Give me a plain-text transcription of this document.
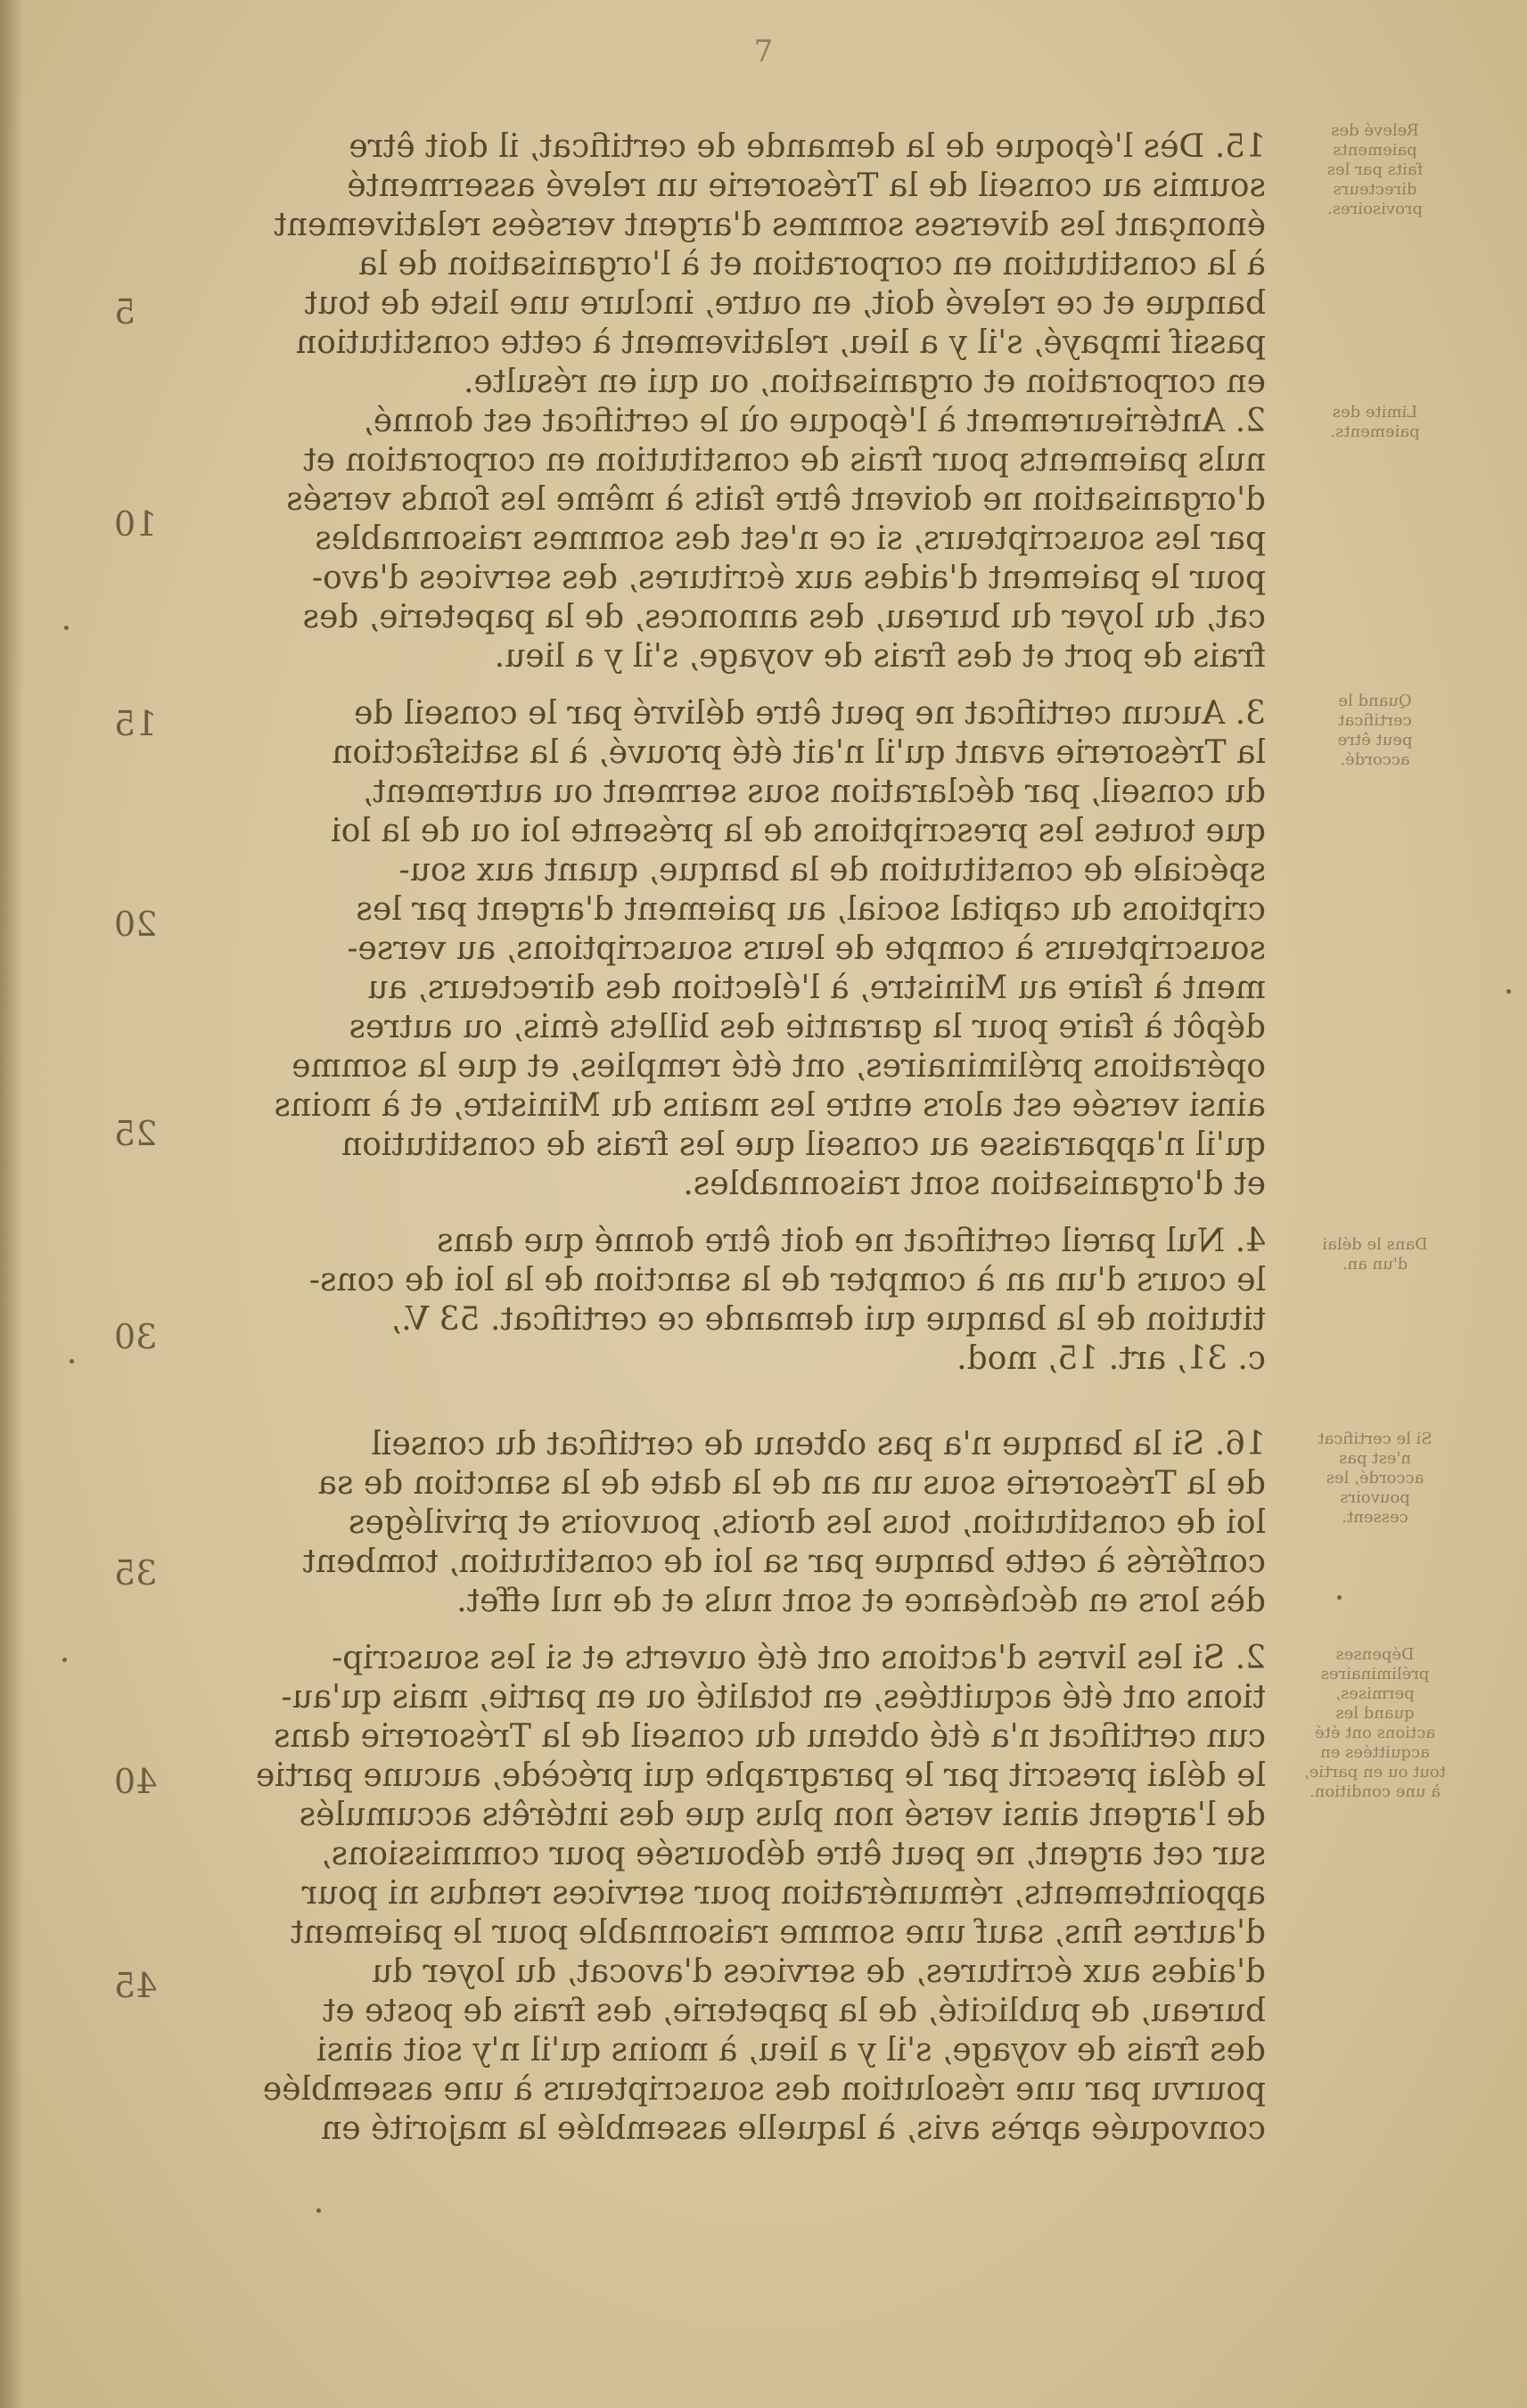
7
15. Dès l'époque de la demande de certificat, il doit être
soumis au conseil de la Trésorerie un relevé assermenté
énonçant les diverses sommes d'argent versées relativement
à la constitution en corporation et à l'organisation de la
banque et ce relevé doit, en outre, inclure une liste de tout
passif impayé, s'il y a lieu, relativement à cette constitution
en corporation et organisation, ou qui en résulte.
2. Antérieurement à l'époque où le certificat est donné,
nuls paiements pour frais de constitution en corporation et
d'organisation ne doivent être faits à même les fonds versés
par les souscripteurs, si ce n'est des sommes raisonnables
pour le paiement d'aides aux écritures, des services d'avo-
cat, du loyer du bureau, des annonces, de la papeterie, des
frais de port et des frais de voyage, s'il y a lieu.
3. Aucun certificat ne peut être délivré par le conseil de
la Trésorerie avant qu'il n'ait été prouvé, à la satisfaction
du conseil, par déclaration sous serment ou autrement,
que toutes les prescriptions de la présente loi ou de la loi
spéciale de constitution de la banque, quant aux sou-
criptions du capital social, au paiement d'argent par les
souscripteurs à compte de leurs souscriptions, au verse-
ment à faire au Ministre, à l'élection des directeurs, au
dépôt à faire pour la garantie des billets émis, ou autres
opérations préliminaires, ont été remplies, et que la somme
ainsi versée est alors entre les mains du Ministre, et à moins
qu'il n'apparaisse au conseil que les frais de constitution
et d'organisation sont raisonnables.
4. Nul pareil certificat ne doit être donné que dans
le cours d'un an à compter de la sanction de la loi de cons-
titution de la banque qui demande ce certificat. 53 V.,
c. 31, art. 15, mod.
16. Si la banque n'a pas obtenu de certificat du conseil
de la Trésorerie sous un an de la date de la sanction de sa
loi de constitution, tous les droits, pouvoirs et priviléges
conférés à cette banque par sa loi de constitution, tombent
dès lors en déchéance et sont nuls et de nul effet.
2. Si les livres d'actions ont été ouverts et si les souscrip-
tions ont été acquittées, en totalité ou en partie, mais qu'au-
cun certificat n'a été obtenu du conseil de la Trésorerie dans
le délai prescrit par le paragraphe qui précède, aucune partie
de l'argent ainsi versé non plus que des intérêts accumulés
sur cet argent, ne peut être déboursée pour commissions,
appointements, rémunération pour services rendus ni pour
d'autres fins, sauf une somme raisonnable pour le paiement
d'aides aux écritures, de services d'avocat, du loyer du
bureau, de publicité, de la papeterie, des frais de poste et
des frais de voyage, s'il y a lieu, à moins qu'il n'y soit ainsi
pourvu par une résolution des souscripteurs à une assemblée
convoquée après avis, à laquelle assemblée la majorité en
5
10
15
20
25
30
35
40
45
Relevé des
paiements
faits par les
directeurs
provisoires.
Limite des
paiements.
Quand le
certificat
peut être
accordé.
Dans le délai
d'un an.
Si le certificat
n'est pas
accordé, les
pouvoirs
cessent.
Dépenses
préliminaires
permises,
quand les
actions ont été
acquittées en
tout ou en partie,
à une condition.
